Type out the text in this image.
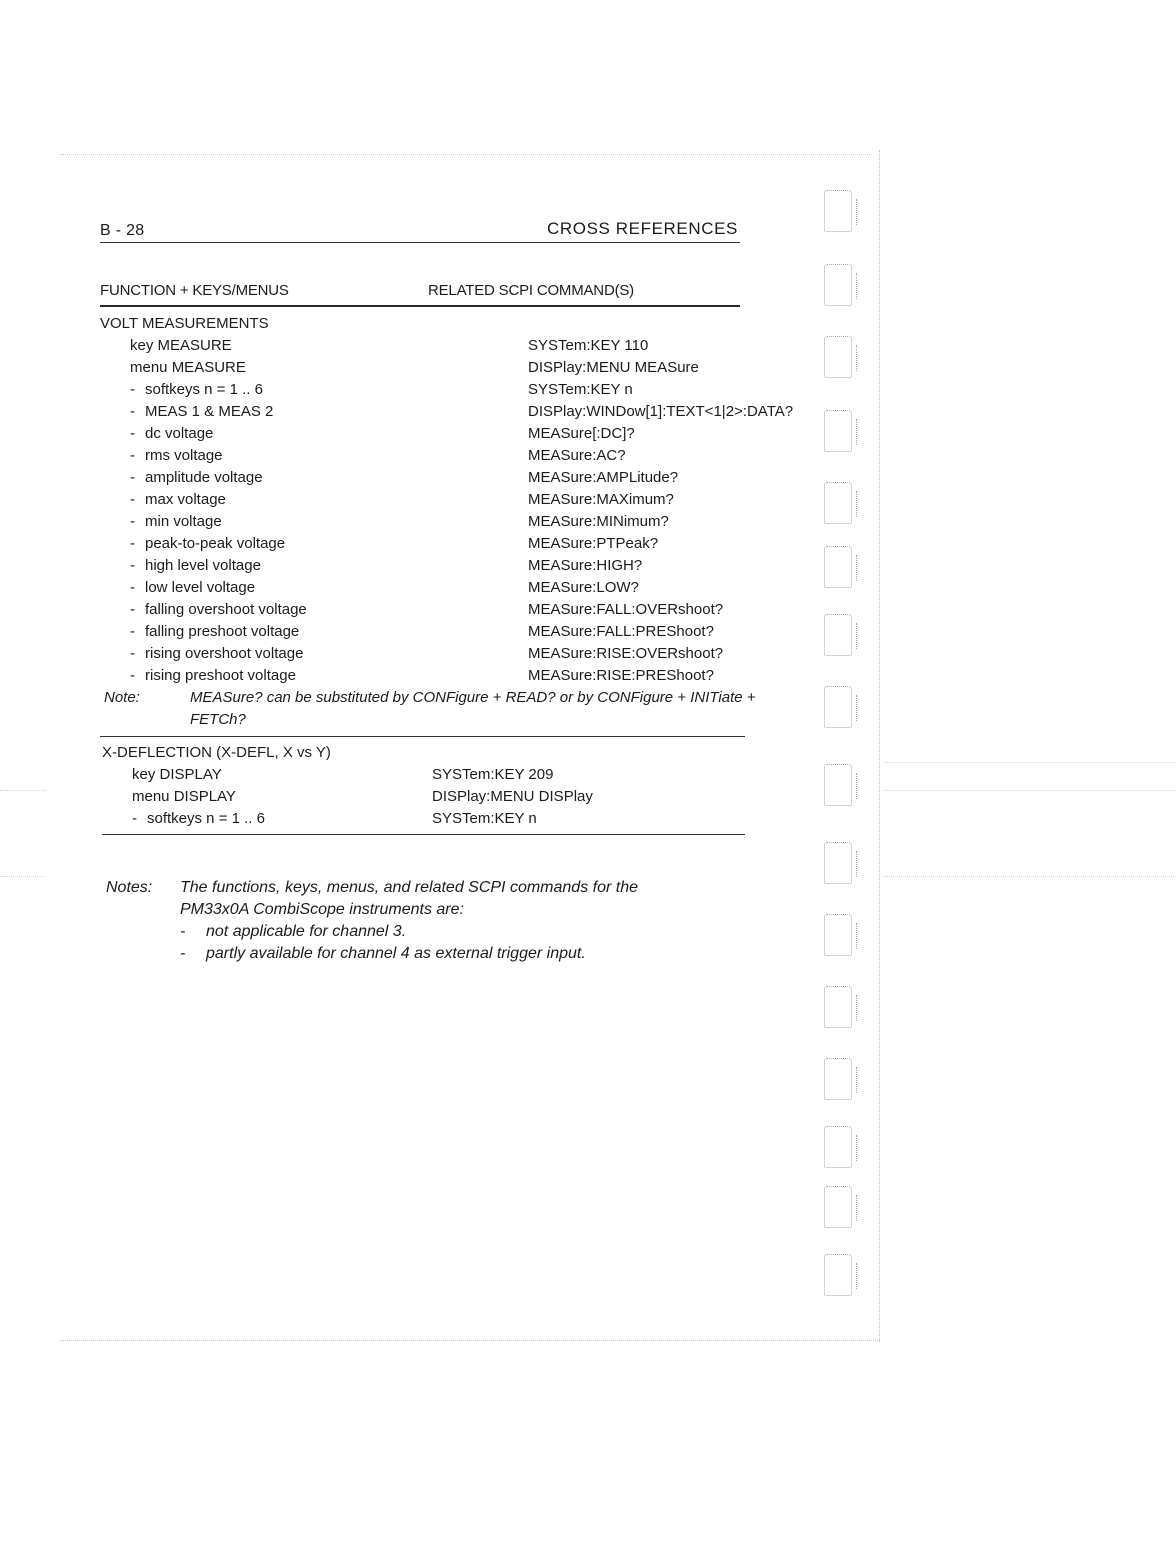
B - 28	CROSS REFERENCES
FUNCTION + KEYS/MENUS	RELATED SCPI COMMAND(S)
VOLT MEASUREMENTS
key MEASURE	SYSTem:KEY 110
menu MEASURE	DISPlay:MENU MEASure
- softkeys n = 1 .. 6	SYSTem:KEY n
- MEAS 1 & MEAS 2	DISPlay:WINDow[1]:TEXT<1|2>:DATA?
- dc voltage	MEASure[:DC]?
- rms voltage	MEASure:AC?
- amplitude voltage	MEASure:AMPLitude?
- max voltage	MEASure:MAXimum?
- min voltage	MEASure:MINimum?
- peak-to-peak voltage	MEASure:PTPeak?
- high level voltage	MEASure:HIGH?
- low level voltage	MEASure:LOW?
- falling overshoot voltage	MEASure:FALL:OVERshoot?
- falling preshoot voltage	MEASure:FALL:PREShoot?
- rising overshoot voltage	MEASure:RISE:OVERshoot?
- rising preshoot voltage	MEASure:RISE:PREShoot?
Note:	MEASure? can be substituted by CONFigure + READ? or by CONFigure + INITiate +
FETCh?
X-DEFLECTION (X-DEFL, X vs Y)
key DISPLAY	SYSTem:KEY 209
menu DISPLAY	DISPlay:MENU DISPlay
- softkeys n = 1 .. 6	SYSTem:KEY n
Notes: The functions, keys, menus, and related SCPI commands for the
PM33x0A CombiScope instruments are:
- not applicable for channel 3.
- partly available for channel 4 as external trigger input.
